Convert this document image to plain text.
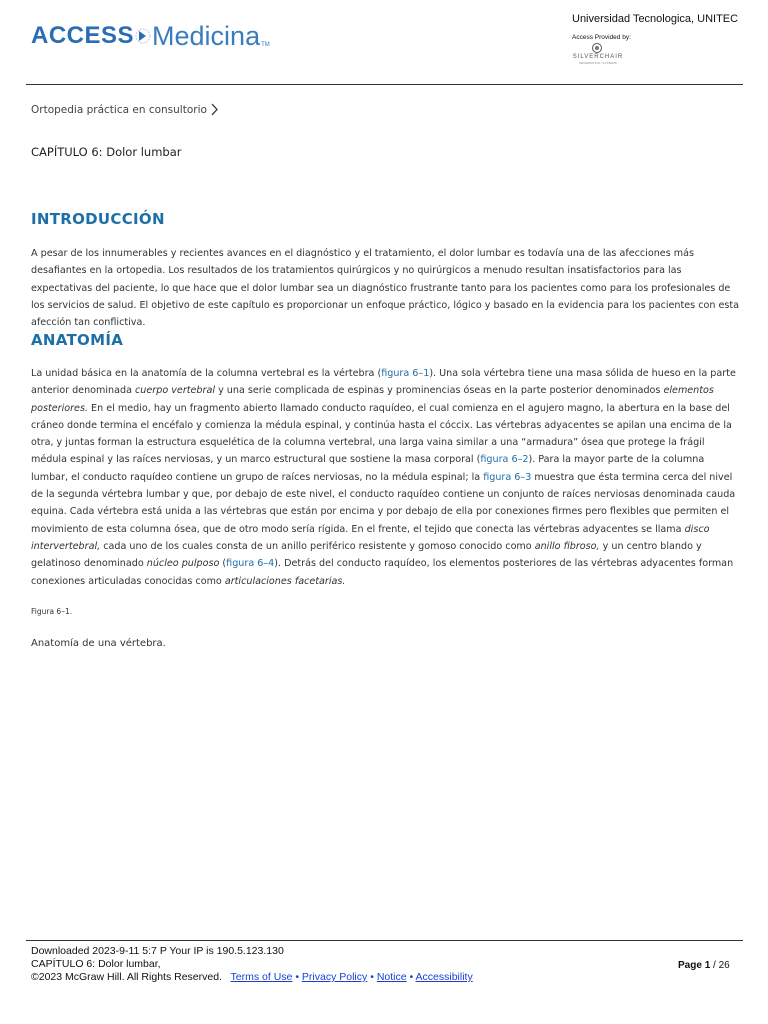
ACCESS Medicina TM
Universidad Tecnologica, UNITEC
Access Provided by:
SILVERCHAIR
INFORMATION / SYSTEMS
Ortopedia práctica en consultorio
CAPÍTULO 6: Dolor lumbar
INTRODUCCIÓN

A pesar de los innumerables y recientes avances en el diagnóstico y el tratamiento, el dolor lumbar es todavía una de las afecciones más desafiantes en la ortopedia. Los resultados de los tratamientos quirúrgicos y no quirúrgicos a menudo resultan insatisfactorios para las expectativas del paciente, lo que hace que el dolor lumbar sea un diagnóstico frustrante tanto para los pacientes como para los profesionales de los servicios de salud. El objetivo de este capítulo es proporcionar un enfoque práctico, lógico y basado en la evidencia para los pacientes con esta afección tan conflictiva.

ANATOMÍA

La unidad básica en la anatomía de la columna vertebral es la vértebra (figura 6–1). Una sola vértebra tiene una masa sólida de hueso en la parte anterior denominada cuerpo vertebral y una serie complicada de espinas y prominencias óseas en la parte posterior denominados elementos posteriores. En el medio, hay un fragmento abierto llamado conducto raquídeo, el cual comienza en el agujero magno, la abertura en la base del cráneo donde termina el encéfalo y comienza la médula espinal, y continúa hasta el cóccix. Las vértebras adyacentes se apilan una encima de la otra, y juntas forman la estructura esquelética de la columna vertebral, una larga vaina similar a una “armadura” ósea que protege la frágil médula espinal y las raíces nerviosas, y un marco estructural que sostiene la masa corporal (figura 6–2). Para la mayor parte de la columna lumbar, el conducto raquídeo contiene un grupo de raíces nerviosas, no la médula espinal; la figura 6–3 muestra que ésta termina cerca del nivel de la segunda vértebra lumbar y que, por debajo de este nivel, el conducto raquídeo contiene un conjunto de raíces nerviosas denominada cauda equina. Cada vértebra está unida a las vértebras que están por encima y por debajo de ella por conexiones firmes pero flexibles que permiten el movimiento de esta columna ósea, que de otro modo sería rígida. En el frente, el tejido que conecta las vértebras adyacentes se llama disco intervertebral, cada uno de los cuales consta de un anillo periférico resistente y gomoso conocido como anillo fibroso, y un centro blando y gelatinoso denominado núcleo pulposo (figura 6–4). Detrás del conducto raquídeo, los elementos posteriores de las vértebras adyacentes forman conexiones articuladas conocidas como articulaciones facetarias.

Figura 6–1.
Anatomía de una vértebra.
Downloaded 2023-9-11 5:7 P Your IP is 190.5.123.130
CAPÍTULO 6: Dolor lumbar,
©2023 McGraw Hill. All Rights Reserved. Terms of Use • Privacy Policy • Notice • Accessibility
Page 1 / 26
